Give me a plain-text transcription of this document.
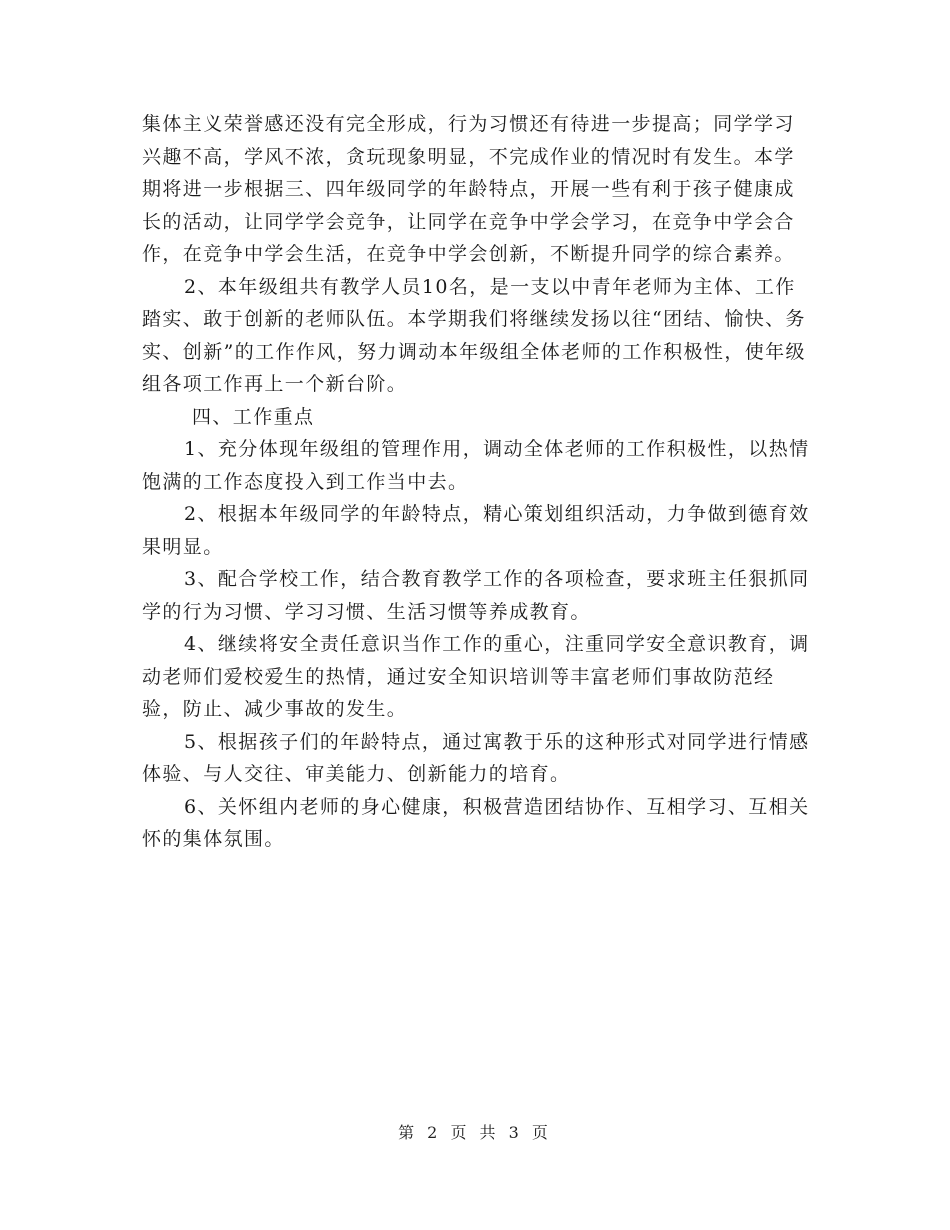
集体主义荣誉感还没有完全形成，行为习惯还有待进一步提高；同学学习兴趣不高，学风不浓，贪玩现象明显，不完成作业的情况时有发生。本学期将进一步根据三、四年级同学的年龄特点，开展一些有利于孩子健康成长的活动，让同学学会竞争，让同学在竞争中学会学习，在竞争中学会合作，在竞争中学会生活，在竞争中学会创新，不断提升同学的综合素养。

2、本年级组共有教学人员10名，是一支以中青年老师为主体、工作踏实、敢于创新的老师队伍。本学期我们将继续发扬以往“团结、愉快、务实、创新”的工作作风，努力调动本年级组全体老师的工作积极性，使年级组各项工作再上一个新台阶。

四、工作重点

1、充分体现年级组的管理作用，调动全体老师的工作积极性，以热情饱满的工作态度投入到工作当中去。

2、根据本年级同学的年龄特点，精心策划组织活动，力争做到德育效果明显。

3、配合学校工作，结合教育教学工作的各项检查，要求班主任狠抓同学的行为习惯、学习习惯、生活习惯等养成教育。

4、继续将安全责任意识当作工作的重心，注重同学安全意识教育，调动老师们爱校爱生的热情，通过安全知识培训等丰富老师们事故防范经验，防止、减少事故的发生。

5、根据孩子们的年龄特点，通过寓教于乐的这种形式对同学进行情感体验、与人交往、审美能力、创新能力的培育。

6、关怀组内老师的身心健康，积极营造团结协作、互相学习、互相关怀的集体氛围。

第 2 页 共 3 页
